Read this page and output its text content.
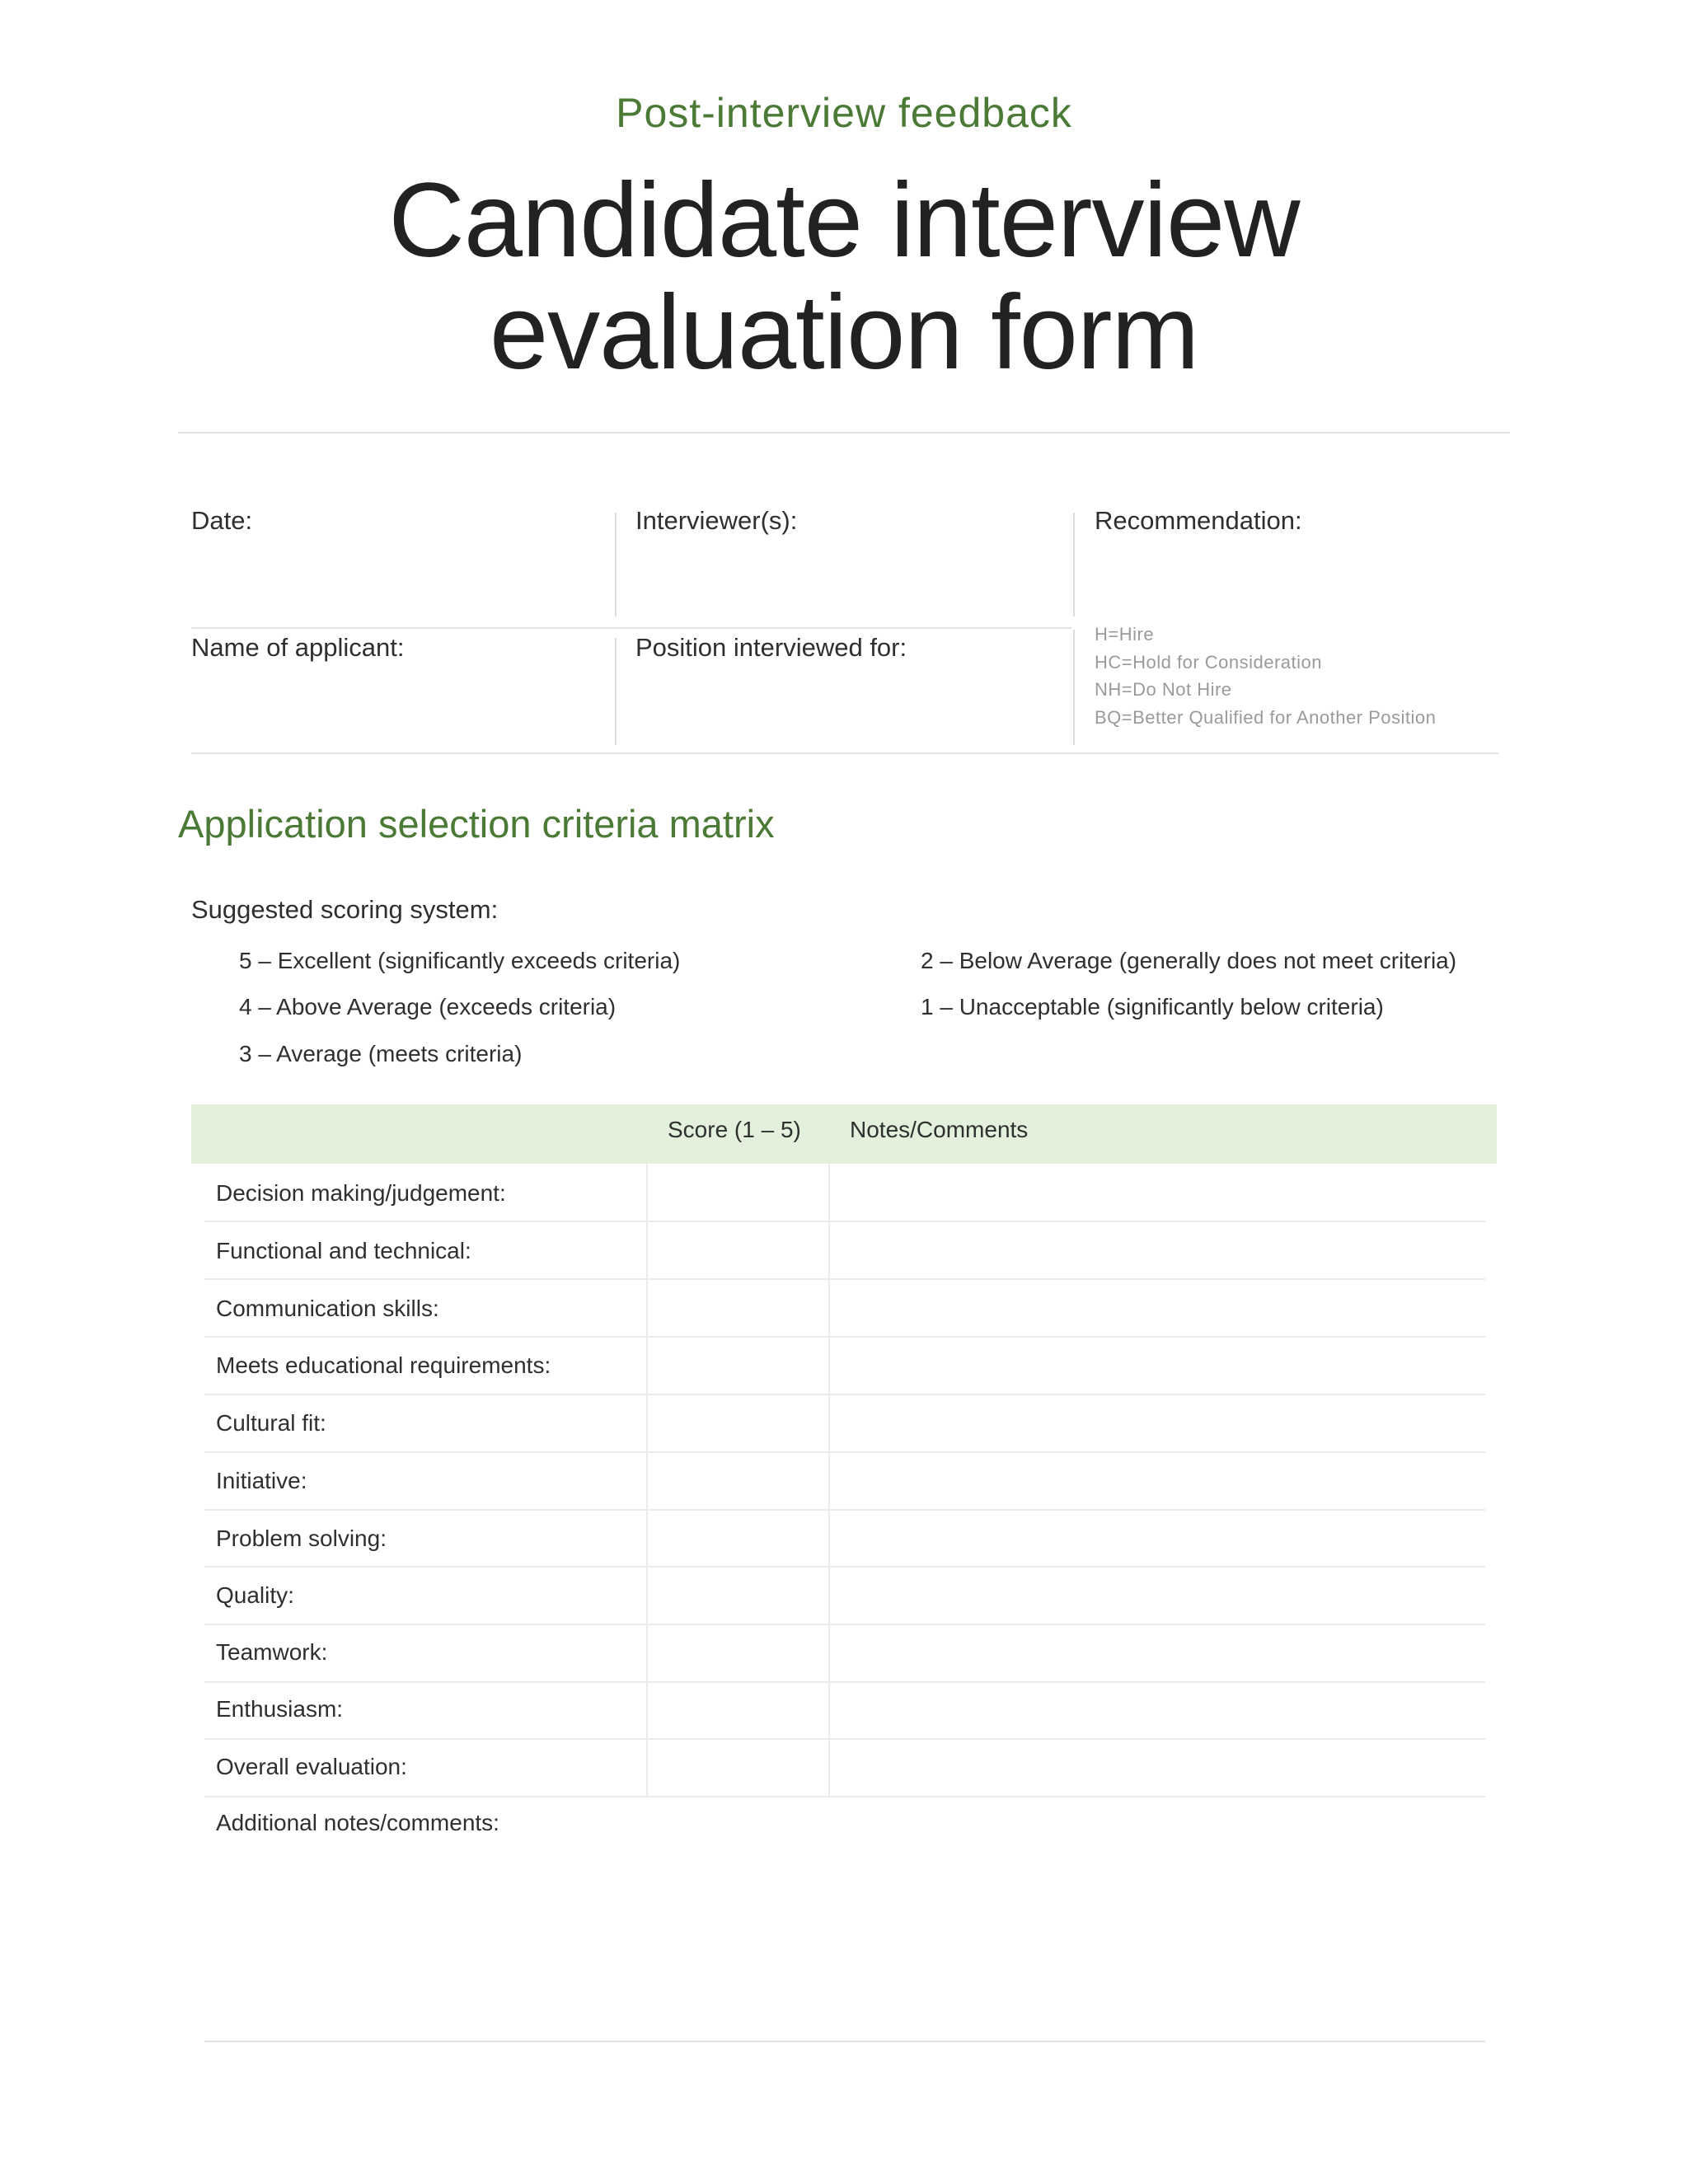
Post-interview feedback
Candidate interview
evaluation form
Date:	Interviewer(s):	Recommendation:
Name of applicant:	Position interviewed for:	H=Hire
HC=Hold for Consideration
NH=Do Not Hire
BQ=Better Qualified for Another Position
Application selection criteria matrix
Suggested scoring system:
5 – Excellent (significantly exceeds criteria)
4 – Above Average (exceeds criteria)
3 – Average (meets criteria)
2 – Below Average (generally does not meet criteria)
1 – Unacceptable (significantly below criteria)
Score (1 – 5) Notes/Comments
Decision making/judgement:
Functional and technical:
Communication skills:
Meets educational requirements:
Cultural fit:
Initiative:
Problem solving:
Quality:
Teamwork:
Enthusiasm:
Overall evaluation:
Additional notes/comments:
